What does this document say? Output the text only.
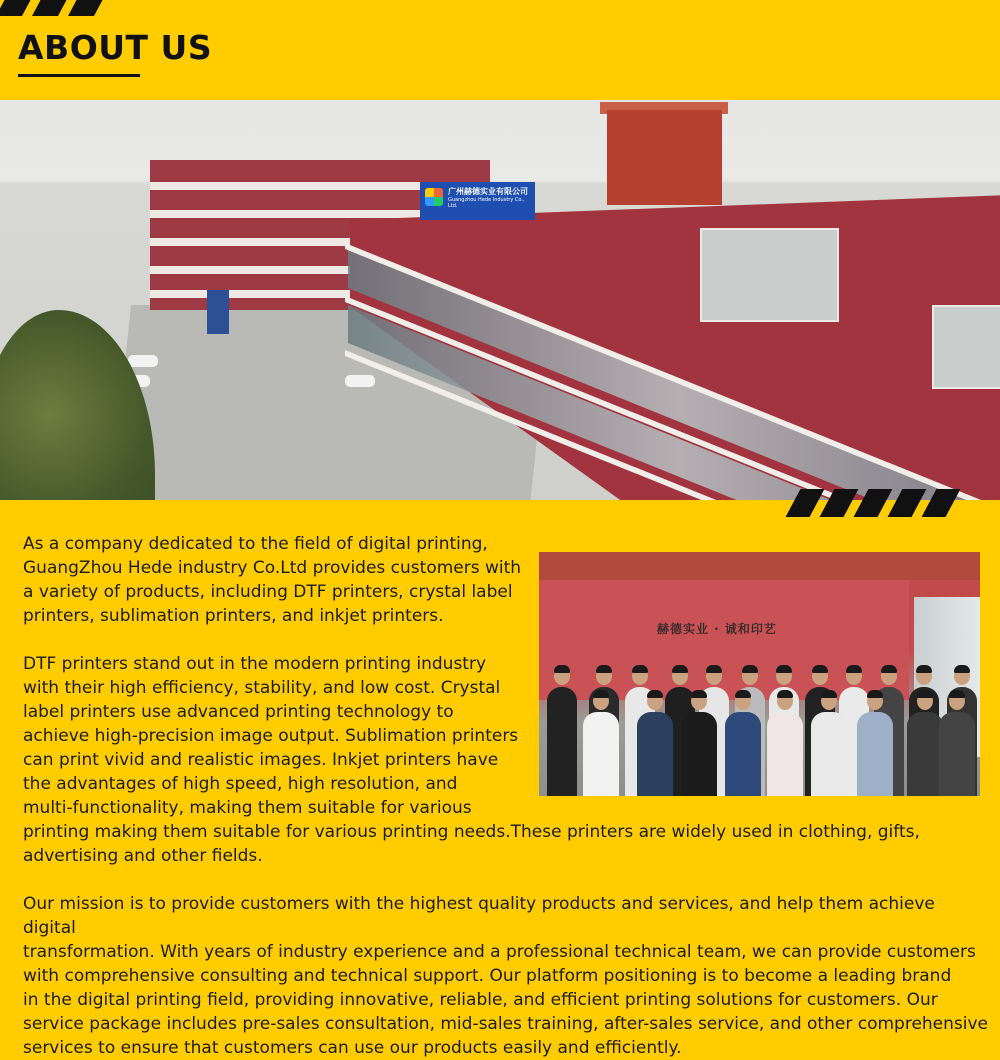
ABOUT US
广州赫德实业有限公司
Guangzhou Hede Industry Co., Ltd.

As a company dedicated to the field of digital printing,
GuangZhou Hede industry Co.Ltd provides customers with
a variety of products, including DTF printers, crystal label
printers, sublimation printers, and inkjet printers.

赫德实业 · 诚和印艺

DTF printers stand out in the modern printing industry
with their high efficiency, stability, and low cost. Crystal
label printers use advanced printing technology to
achieve high-precision image output. Sublimation printers
can print vivid and realistic images. Inkjet printers have
the advantages of high speed, high resolution, and
multi-functionality, making them suitable for various
printing making them suitable for various printing needs.These printers are widely used in clothing, gifts,
advertising and other fields.

Our mission is to provide customers with the highest quality products and services, and help them achieve digital
transformation. With years of industry experience and a professional technical team, we can provide customers
with comprehensive consulting and technical support. Our platform positioning is to become a leading brand
in the digital printing field, providing innovative, reliable, and efficient printing solutions for customers. Our
service package includes pre-sales consultation, mid-sales training, after-sales service, and other comprehensive
services to ensure that customers can use our products easily and efficiently.
